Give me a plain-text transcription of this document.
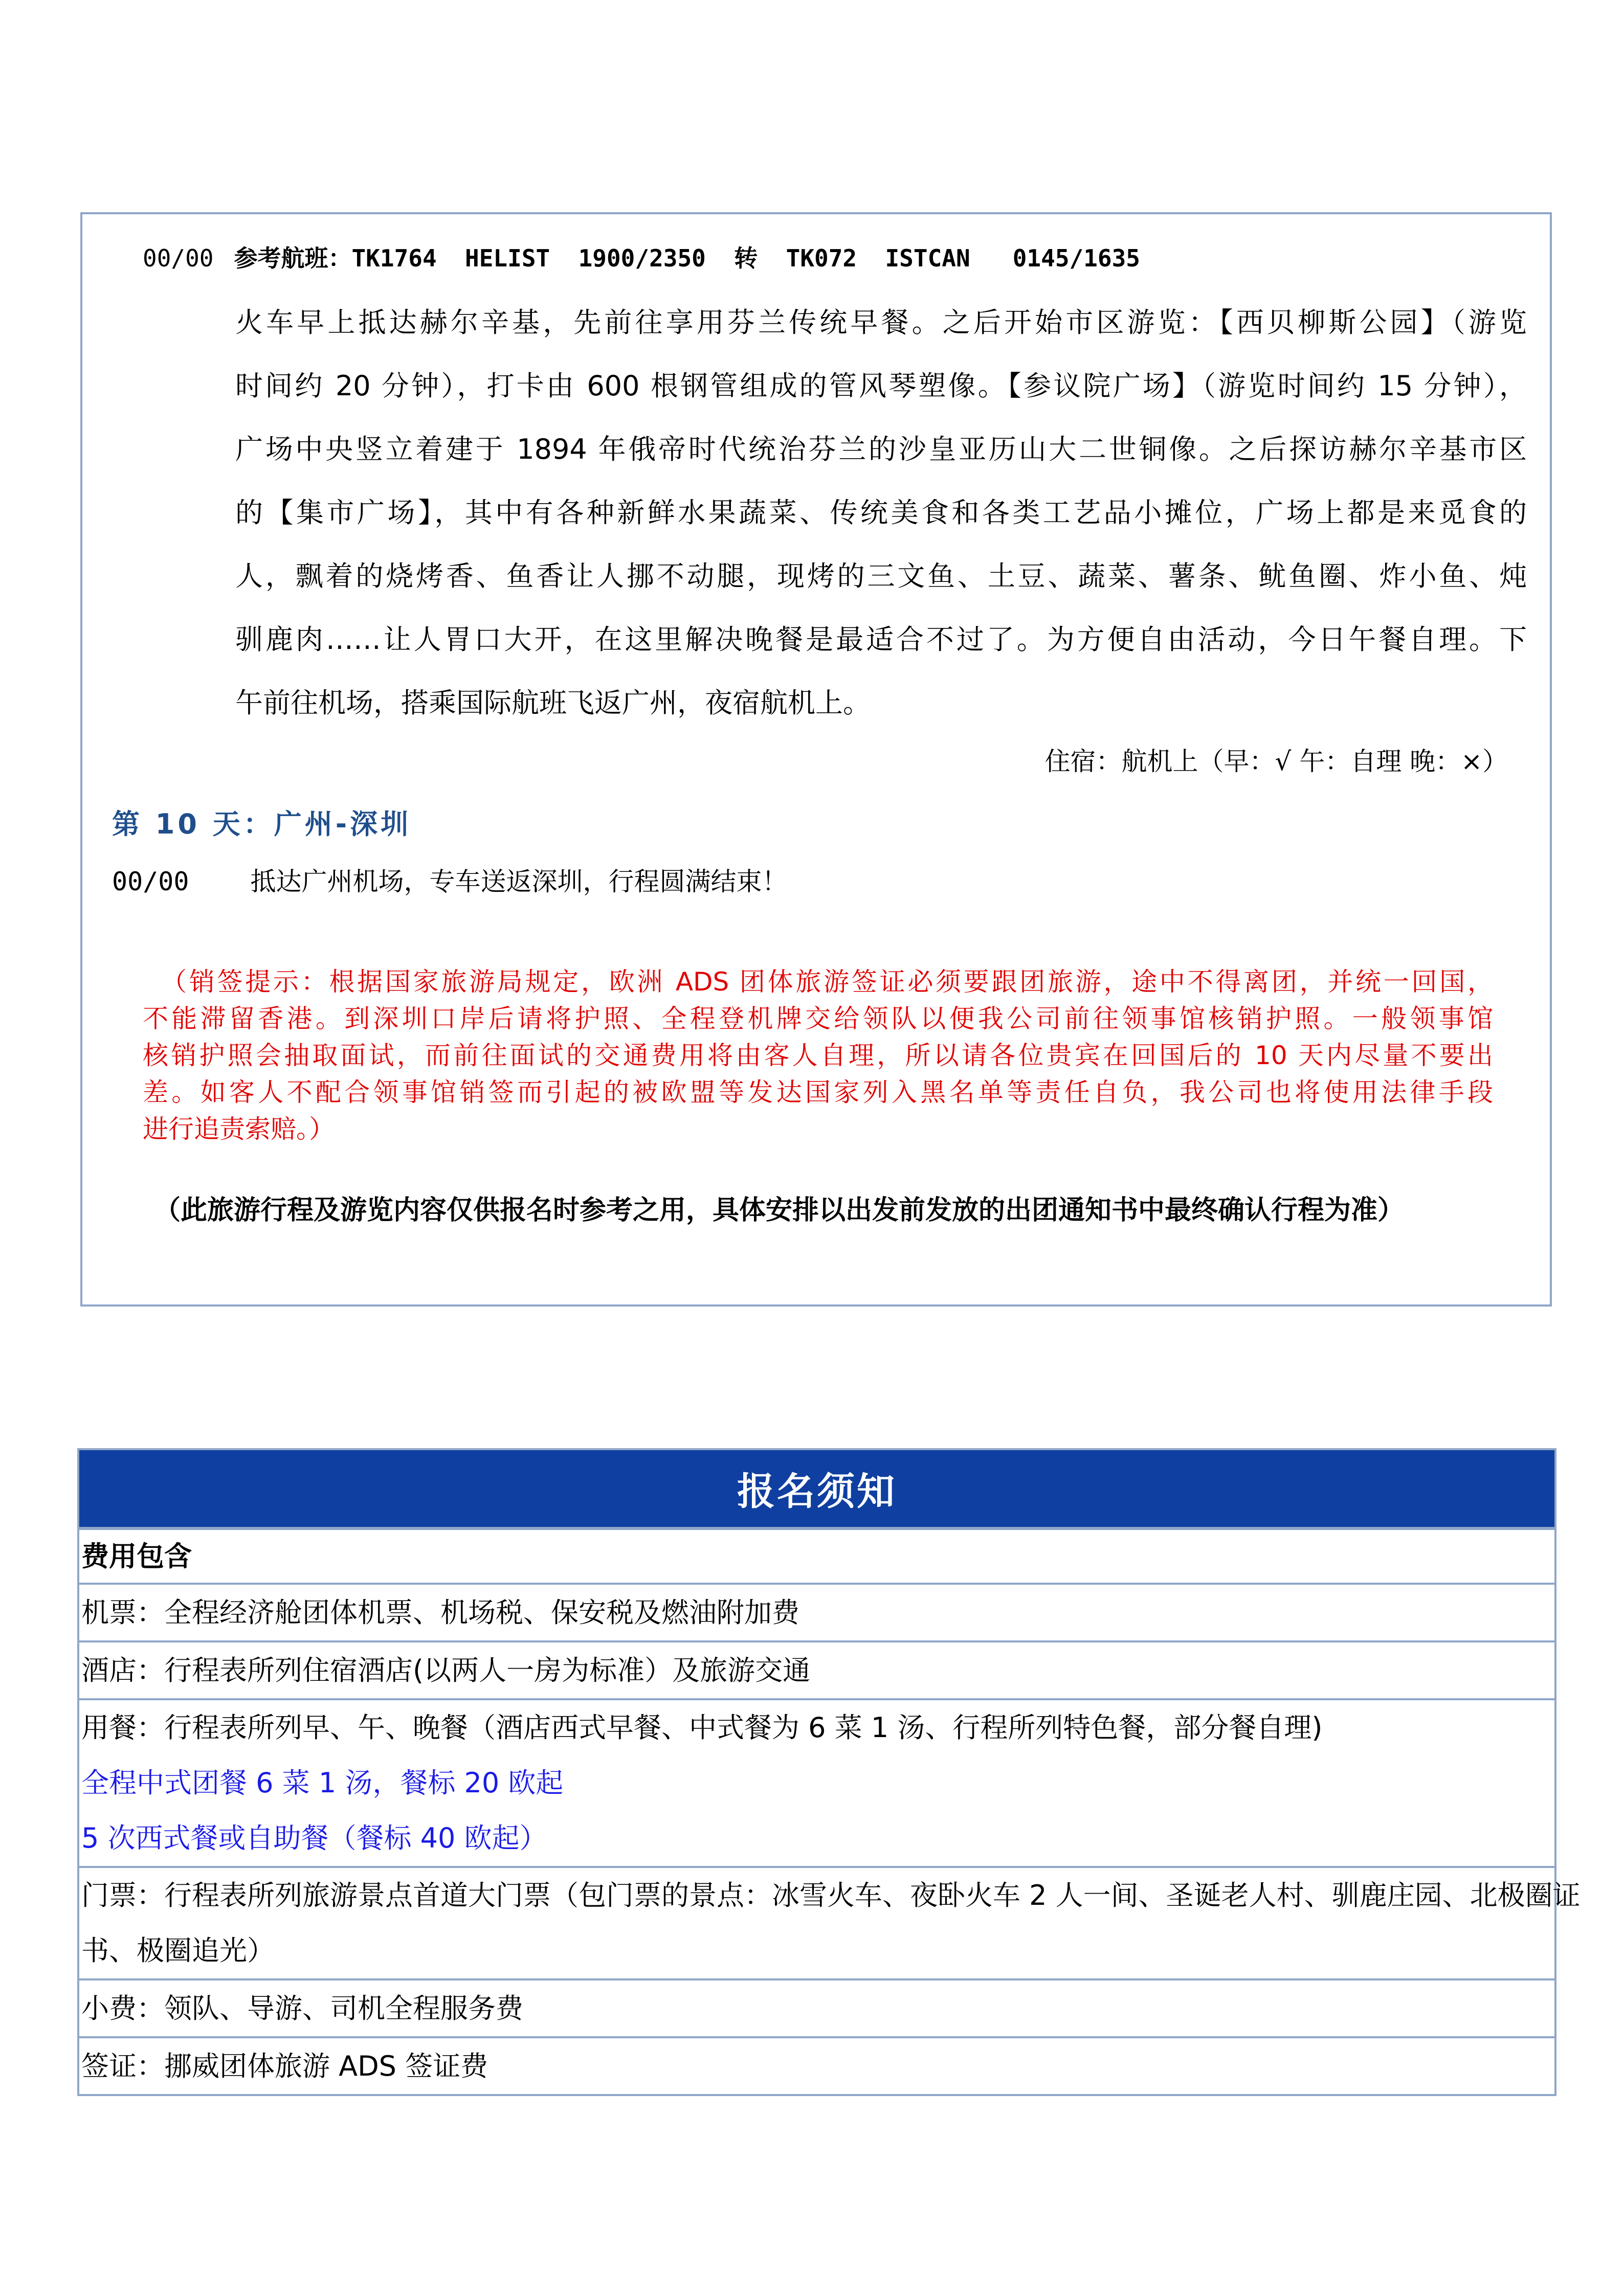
00/00 参考航班：TK1764  HELIST  1900/2350  转  TK072  ISTCAN   0145/1635
火车早上抵达赫尔辛基，先前往享用芬兰传统早餐。之后开始市区游览：【西贝柳斯公园】（游览
时间约 20 分钟），打卡由 600 根钢管组成的管风琴塑像。【参议院广场】（游览时间约 15 分钟），
广场中央竖立着建于 1894 年俄帝时代统治芬兰的沙皇亚历山大二世铜像。之后探访赫尔辛基市区
的【集市广场】，其中有各种新鲜水果蔬菜、传统美食和各类工艺品小摊位，广场上都是来觅食的
人，飘着的烧烤香、鱼香让人挪不动腿，现烤的三文鱼、土豆、蔬菜、薯条、鱿鱼圈、炸小鱼、炖
驯鹿肉……让人胃口大开，在这里解决晚餐是最适合不过了。为方便自由活动，今日午餐自理。下
午前往机场，搭乘国际航班飞返广州，夜宿航机上。
住宿：航机上（早：√ 午：自理 晚：×）
第 10 天：广州-深圳
00/00 抵达广州机场，专车送返深圳，行程圆满结束！
（销签提示：根据国家旅游局规定，欧洲 ADS 团体旅游签证必须要跟团旅游，途中不得离团，并统一回国，
不能滞留香港。到深圳口岸后请将护照、全程登机牌交给领队以便我公司前往领事馆核销护照。一般领事馆
核销护照会抽取面试，而前往面试的交通费用将由客人自理，所以请各位贵宾在回国后的 10 天内尽量不要出
差。如客人不配合领事馆销签而引起的被欧盟等发达国家列入黑名单等责任自负，我公司也将使用法律手段
进行追责索赔。）
（此旅游行程及游览内容仅供报名时参考之用，具体安排以出发前发放的出团通知书中最终确认行程为准）
报名须知
费用包含
机票：全程经济舱团体机票、机场税、保安税及燃油附加费
酒店：行程表所列住宿酒店(以两人一房为标准）及旅游交通
用餐：行程表所列早、午、晚餐（酒店西式早餐、中式餐为 6 菜 1 汤、行程所列特色餐，部分餐自理)
全程中式团餐 6 菜 1 汤，餐标 20 欧起
5 次西式餐或自助餐（餐标 40 欧起）
门票：行程表所列旅游景点首道大门票（包门票的景点：冰雪火车、夜卧火车 2 人一间、圣诞老人村、驯鹿庄园、北极圈证
书、极圈追光）
小费：领队、导游、司机全程服务费
签证：挪威团体旅游 ADS 签证费
